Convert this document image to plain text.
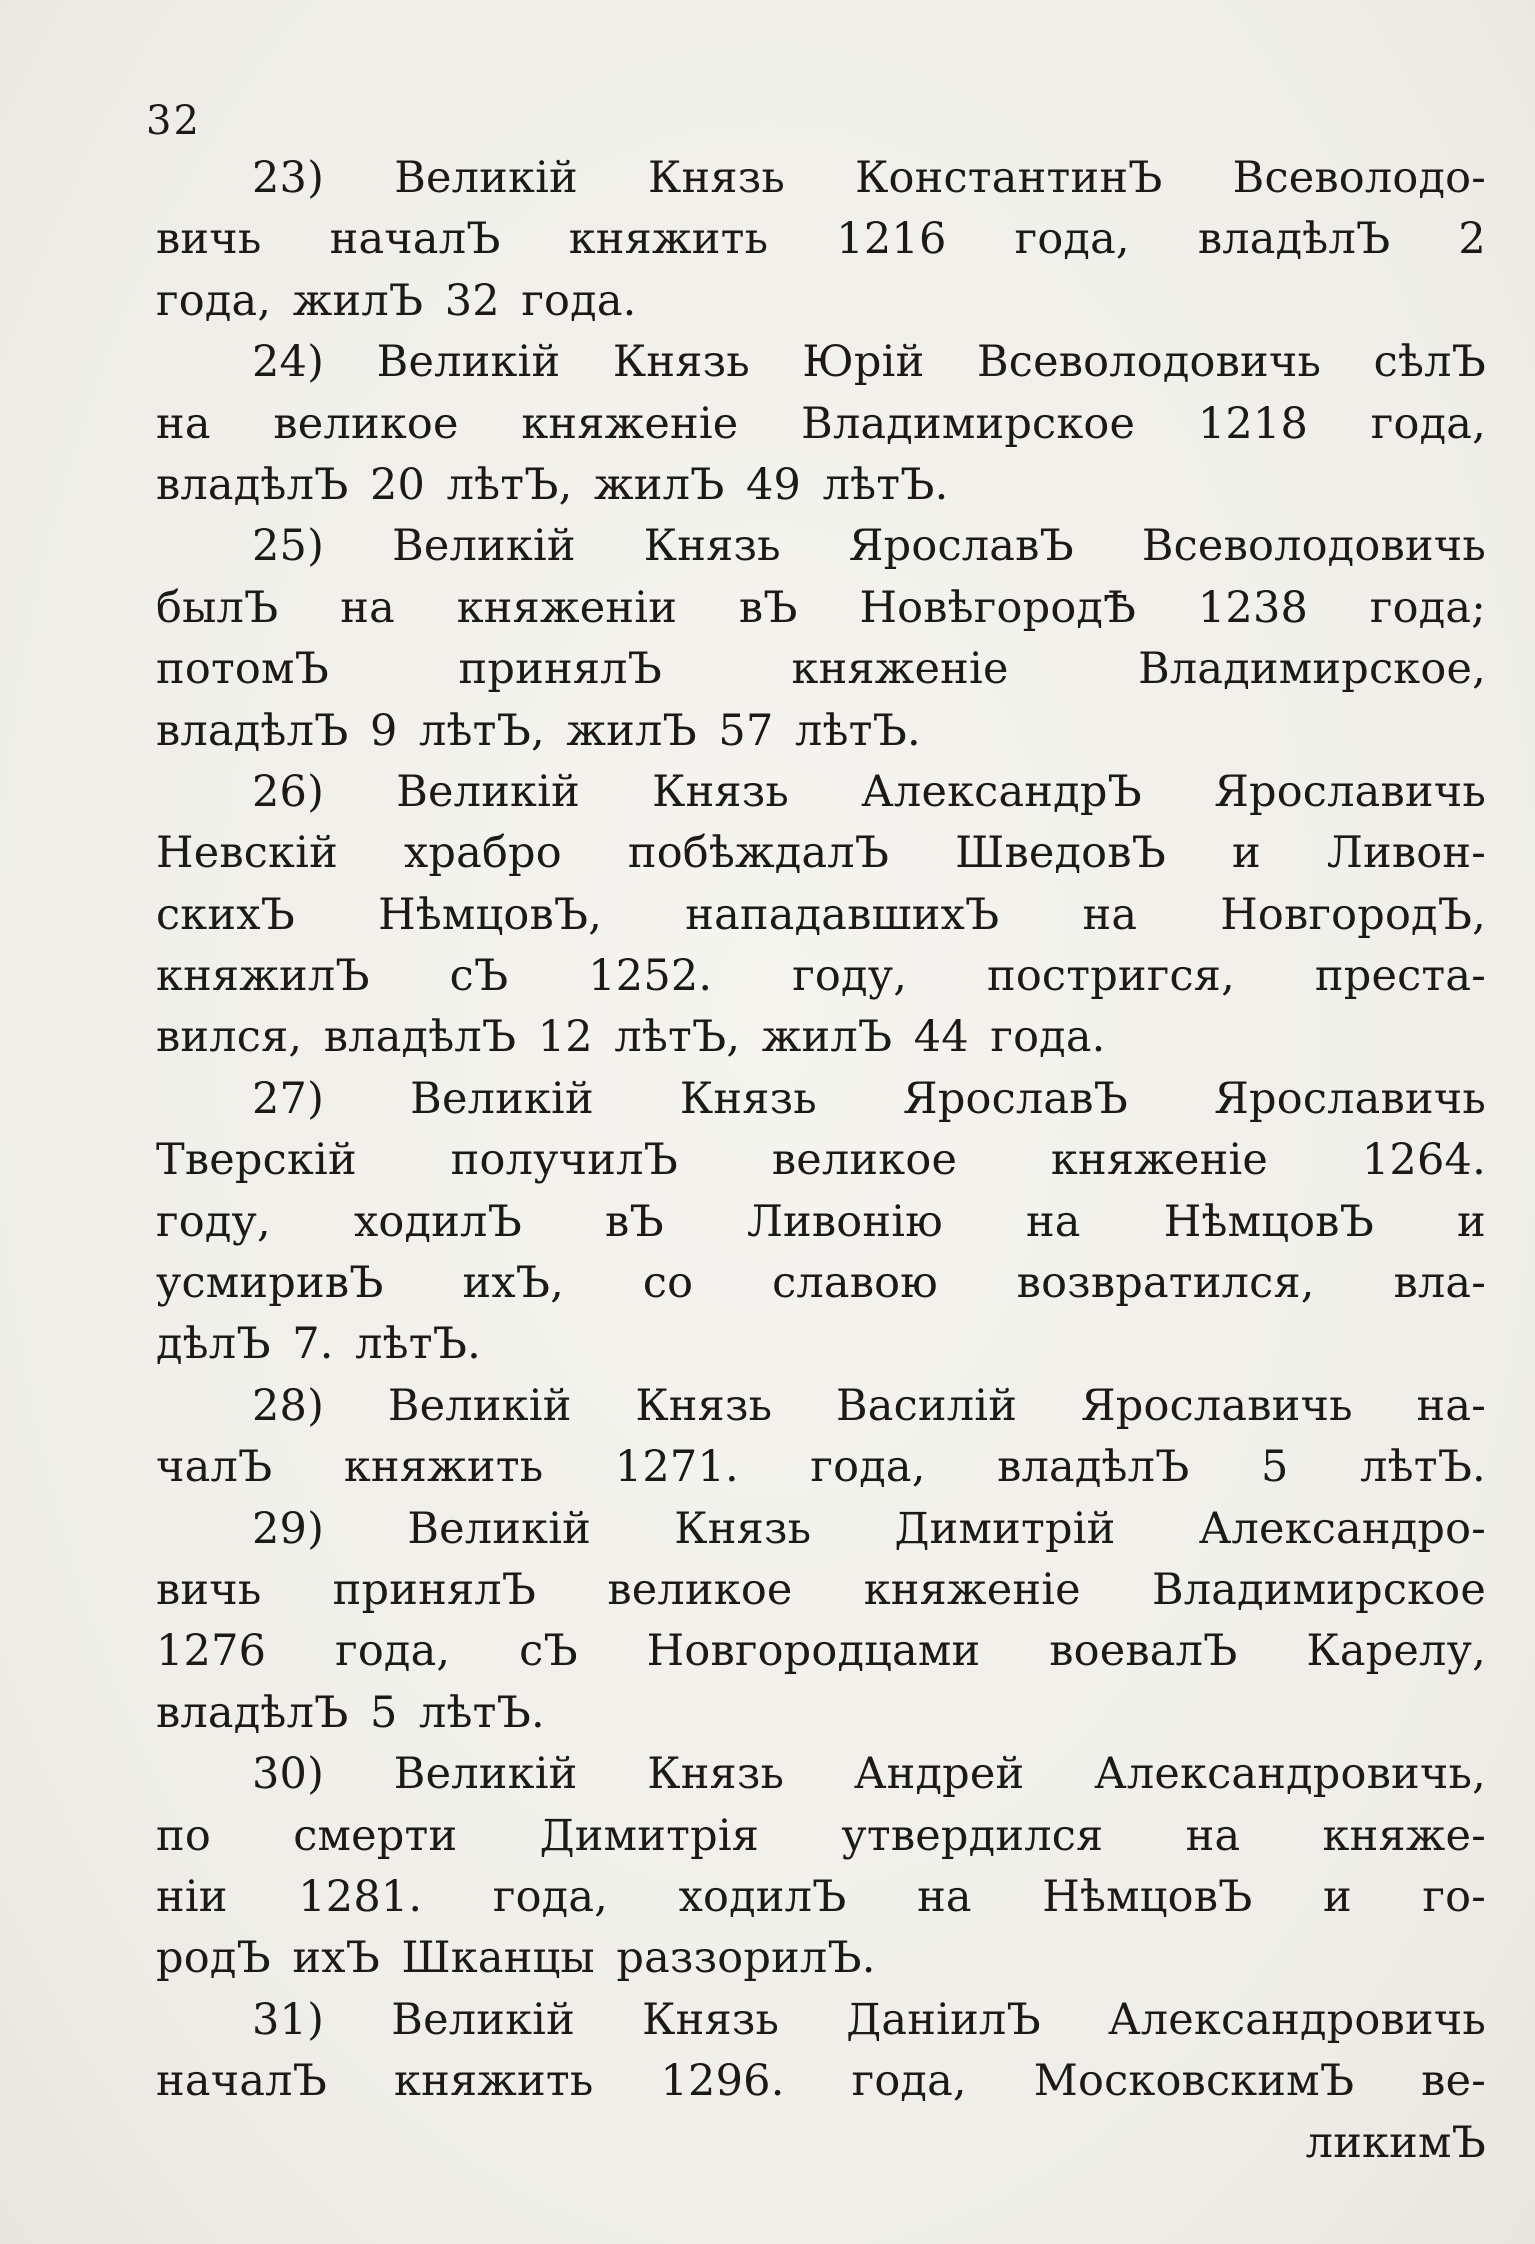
32
23) Великій Князь КонстантинЪ Всеволодо-
вичь началЪ княжить 1216 года, владѣлЪ 2
года, жилЪ 32 года.
24) Великій Князь Юрій Всеволодовичь сѣлЪ
на великое княженіе Владимирское 1218 года,
владѣлЪ 20 лѣтЪ, жилЪ 49 лѣтЪ.
25) Великій Князь ЯрославЪ Всеволодовичь
былЪ на княженіи вЪ НовѣгородѢ 1238 года;
потомЪ	принялЪ	княженіе	Владимирское,
владѣлЪ 9 лѣтЪ, жилЪ 57 лѣтЪ.
26) Великій Князь АлександрЪ Ярославичь
Невскій храбро побѣждалЪ ШведовЪ и Ливон-
скихЪ НѣмцовЪ, нападавшихЪ на НовгородЪ,
княжилЪ сЪ 1252. году, постригся, преста-
вился, владѣлЪ 12 лѣтЪ, жилЪ 44 года.
27) Великій Князь ЯрославЪ Ярославичь
Тверскій получилЪ великое княженіе 1264.
году, ходилЪ вЪ Ливонію на НѣмцовЪ и
усмиривЪ ихЪ, со славою возвратился, вла-
дѣлЪ 7. лѣтЪ.
28) Великій Князь Василій Ярославичь на-
чалЪ княжить 1271. года, владѣлЪ 5 лѣтЪ.
29) Великій Князь Димитрій Александро-
вичь принялЪ великое княженіе Владимирское
1276 года, сЪ Новгородцами воевалЪ Карелу,
владѣлЪ 5 лѣтЪ.
30) Великій Князь Андрей Александровичь,
по смерти Димитрія утвердился на княже-
ніи 1281. года, ходилЪ на НѣмцовЪ и го-
родЪ ихЪ Шканцы раззорилЪ.
31) Великій Князь ДаніилЪ Александровичь
началЪ княжить 1296. года, МосковскимЪ ве-
ликимЪ
